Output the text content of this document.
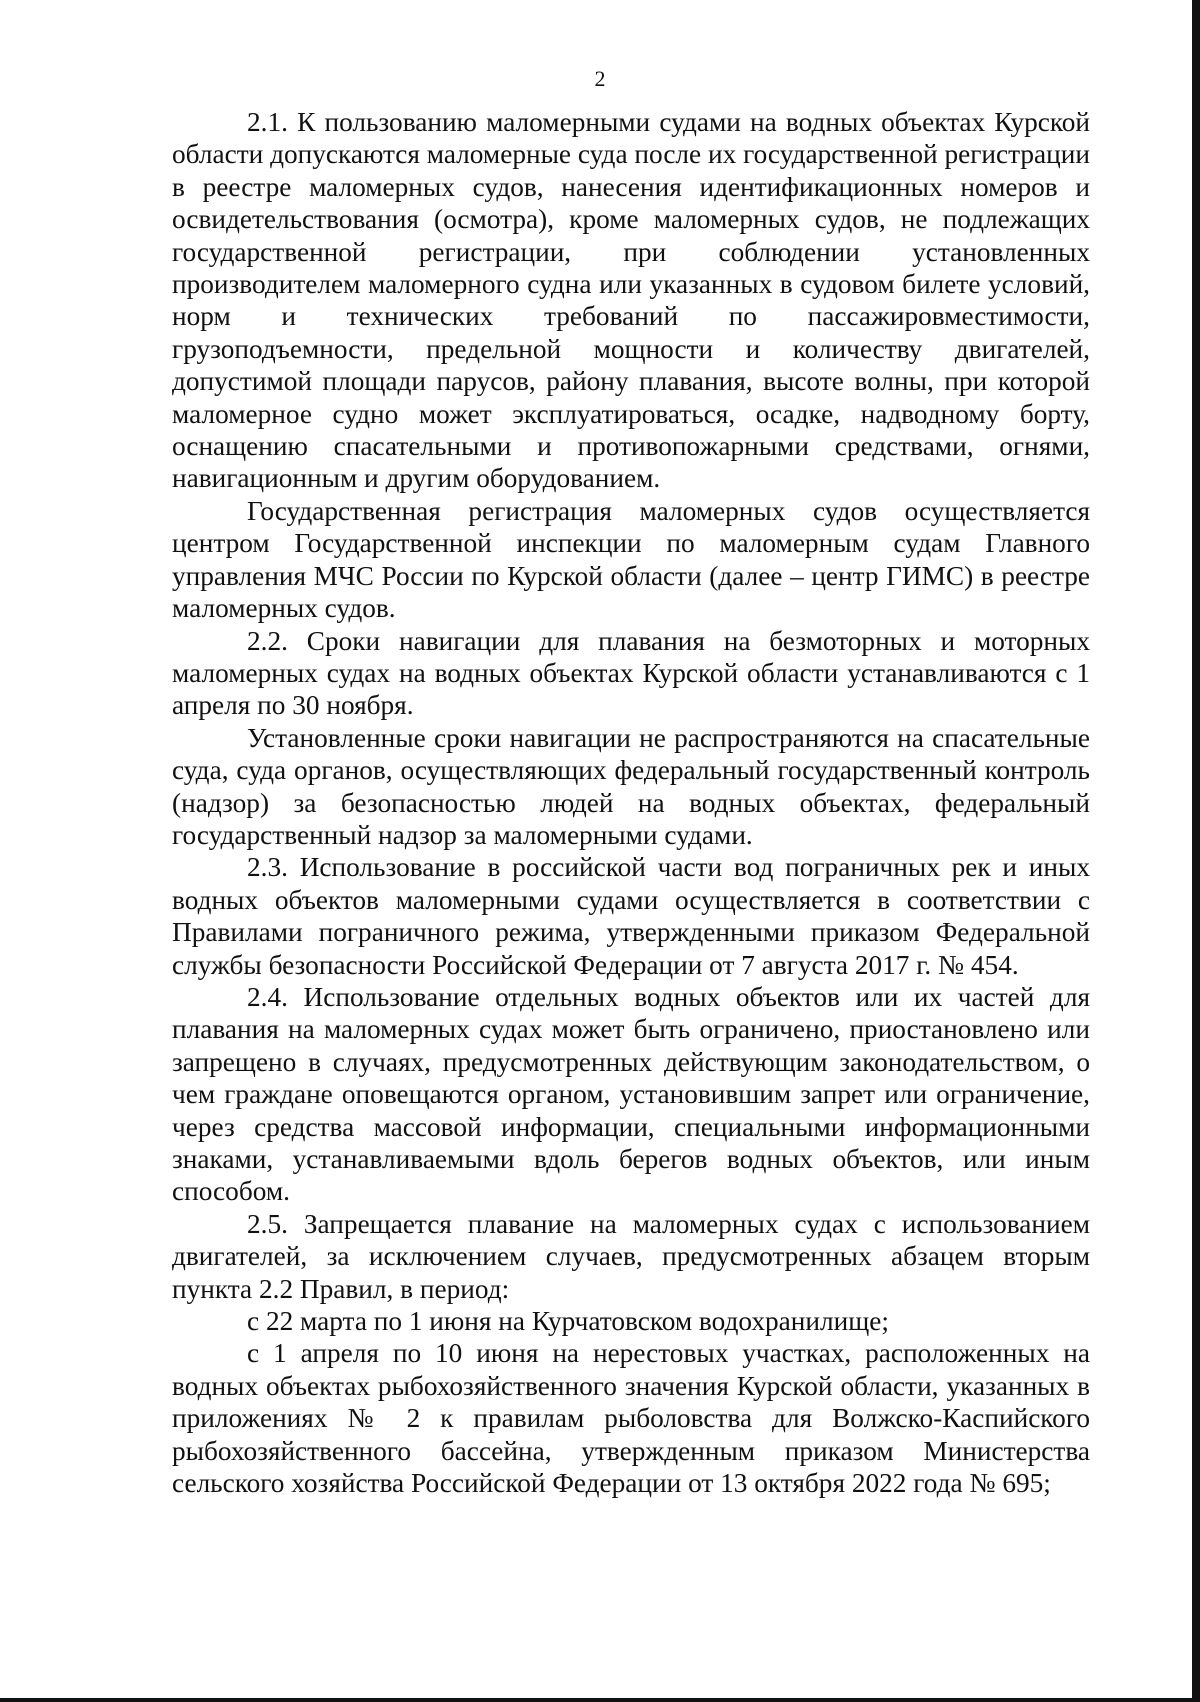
2

2.1. К пользованию маломерными судами на водных объектах Курской области допускаются маломерные суда после их государственной регистрации в реестре маломерных судов, нанесения идентификационных номеров и освидетельствования (осмотра), кроме маломерных судов, не подлежащих государственной регистрации, при соблюдении установленных производителем маломерного судна или указанных в судовом билете условий, норм и технических требований по пассажировместимости, грузоподъемности, предельной мощности и количеству двигателей, допустимой площади парусов, району плавания, высоте волны, при которой маломерное судно может эксплуатироваться, осадке, надводному борту, оснащению спасательными и противопожарными средствами, огнями, навигационным и другим оборудованием.

Государственная регистрация маломерных судов осуществляется центром Государственной инспекции по маломерным судам Главного управления МЧС России по Курской области (далее – центр ГИМС) в реестре маломерных судов.

2.2. Сроки навигации для плавания на безмоторных и моторных маломерных судах на водных объектах Курской области устанавливаются с 1 апреля по 30 ноября.

Установленные сроки навигации не распространяются на спасательные суда, суда органов, осуществляющих федеральный государственный контроль (надзор) за безопасностью людей на водных объектах, федеральный государственный надзор за маломерными судами.

2.3. Использование в российской части вод пограничных рек и иных водных объектов маломерными судами осуществляется в соответствии с Правилами пограничного режима, утвержденными приказом Федеральной службы безопасности Российской Федерации от 7 августа 2017 г. № 454.

2.4. Использование отдельных водных объектов или их частей для плавания на маломерных судах может быть ограничено, приостановлено или запрещено в случаях, предусмотренных действующим законодательством, о чем граждане оповещаются органом, установившим запрет или ограничение, через средства массовой информации, специальными информационными знаками, устанавливаемыми вдоль берегов водных объектов, или иным способом.

2.5. Запрещается плавание на маломерных судах с использованием двигателей, за исключением случаев, предусмотренных абзацем вторым пункта 2.2 Правил, в период:

с 22 марта по 1 июня на Курчатовском водохранилище;

с 1 апреля по 10 июня на нерестовых участках, расположенных на водных объектах рыбохозяйственного значения Курской области, указанных в приложениях № 2 к правилам рыболовства для Волжско-Каспийского рыбохозяйственного бассейна, утвержденным приказом Министерства сельского хозяйства Российской Федерации от 13 октября 2022 года № 695;
